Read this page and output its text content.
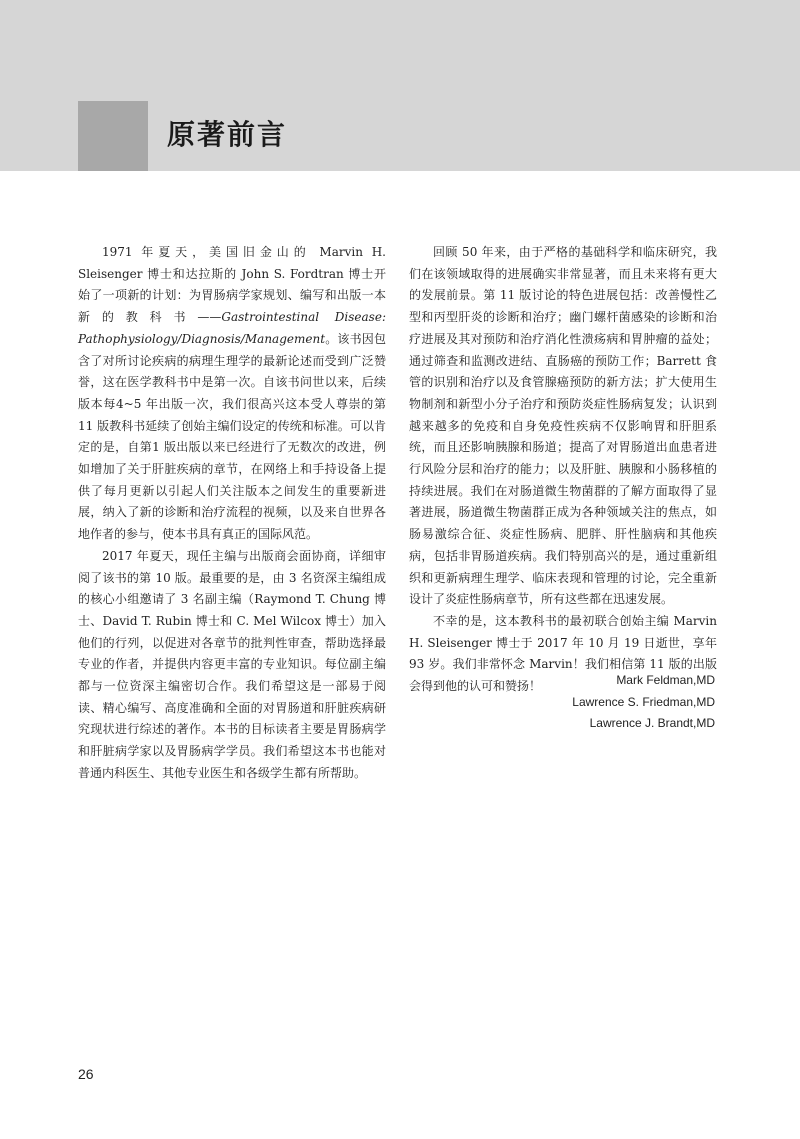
原著前言

1971 年夏天，美国旧金山的 Marvin H. Sleisenger 博士和达拉斯的 John S. Fordtran 博士开始了一项新的计划：为胃肠病学家规划、编写和出版一本新的教科书——Gastrointestinal Disease: Pathophysiology/Diagnosis/Management。该书因包含了对所讨论疾病的病理生理学的最新论述而受到广泛赞誉，这在医学教科书中是第一次。自该书问世以来，后续版本每4~5 年出版一次，我们很高兴这本受人尊崇的第 11 版教科书延续了创始主编们设定的传统和标准。可以肯定的是，自第1 版出版以来已经进行了无数次的改进，例如增加了关于肝脏疾病的章节，在网络上和手持设备上提供了每月更新以引起人们关注版本之间发生的重要新进展，纳入了新的诊断和治疗流程的视频，以及来自世界各地作者的参与，使本书具有真正的国际风范。

2017 年夏天，现任主编与出版商会面协商，详细审阅了该书的第 10 版。最重要的是，由 3 名资深主编组成的核心小组邀请了 3 名副主编（Raymond T. Chung 博士、David T. Rubin 博士和 C. Mel Wilcox 博士）加入他们的行列，以促进对各章节的批判性审查，帮助选择最专业的作者，并提供内容更丰富的专业知识。每位副主编都与一位资深主编密切合作。我们希望这是一部易于阅读、精心编写、高度准确和全面的对胃肠道和肝脏疾病研究现状进行综述的著作。本书的目标读者主要是胃肠病学和肝脏病学家以及胃肠病学学员。我们希望这本书也能对普通内科医生、其他专业医生和各级学生都有所帮助。

回顾 50 年来，由于严格的基础科学和临床研究，我们在该领域取得的进展确实非常显著，而且未来将有更大的发展前景。第 11 版讨论的特色进展包括：改善慢性乙型和丙型肝炎的诊断和治疗；幽门螺杆菌感染的诊断和治疗进展及其对预防和治疗消化性溃疡病和胃肿瘤的益处；通过筛查和监测改进结、直肠癌的预防工作；Barrett 食管的识别和治疗以及食管腺癌预防的新方法；扩大使用生物制剂和新型小分子治疗和预防炎症性肠病复发；认识到越来越多的免疫和自身免疫性疾病不仅影响胃和肝胆系统，而且还影响胰腺和肠道；提高了对胃肠道出血患者进行风险分层和治疗的能力；以及肝脏、胰腺和小肠移植的持续进展。我们在对肠道微生物菌群的了解方面取得了显著进展，肠道微生物菌群正成为各种领域关注的焦点，如肠易激综合征、炎症性肠病、肥胖、肝性脑病和其他疾病，包括非胃肠道疾病。我们特别高兴的是，通过重新组织和更新病理生理学、临床表现和管理的讨论，完全重新设计了炎症性肠病章节，所有这些都在迅速发展。

不幸的是，这本教科书的最初联合创始主编 Marvin H. Sleisenger 博士于 2017 年 10 月 19 日逝世，享年 93 岁。我们非常怀念 Marvin！我们相信第 11 版的出版会得到他的认可和赞扬！	Mark Feldman,MD
Lawrence S. Friedman,MD
Lawrence J. Brandt,MD
26
